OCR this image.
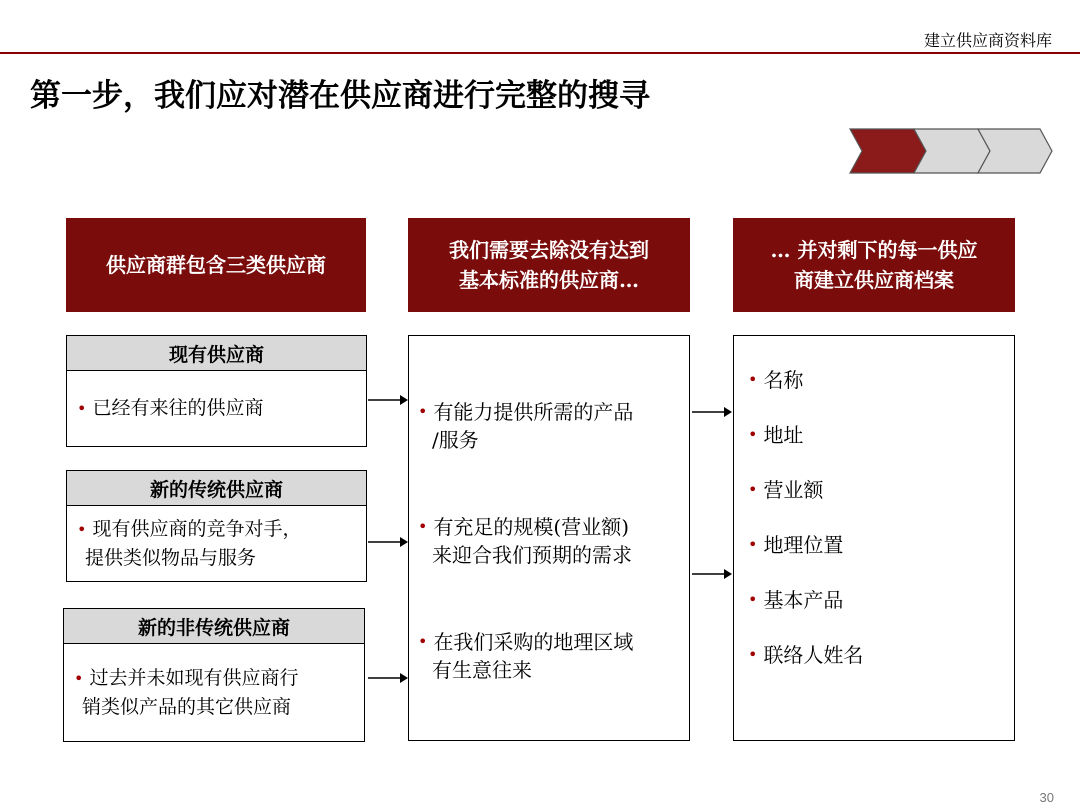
建立供应商资料库
第一步，我们应对潜在供应商进行完整的搜寻
供应商群包含三类供应商
我们需要去除没有达到
基本标准的供应商…
… 并对剩下的每一供应
商建立供应商档案
现有供应商
• 已经有来往的供应商
新的传统供应商
• 现有供应商的竞争对手，
提供类似物品与服务
新的非传统供应商
• 过去并未如现有供应商行
销类似产品的其它供应商
• 有能力提供所需的产品
/服务
• 有充足的规模(营业额)
来迎合我们预期的需求
• 在我们采购的地理区域
有生意往来
• 名称
• 地址
• 营业额
• 地理位置
• 基本产品
• 联络人姓名
30
